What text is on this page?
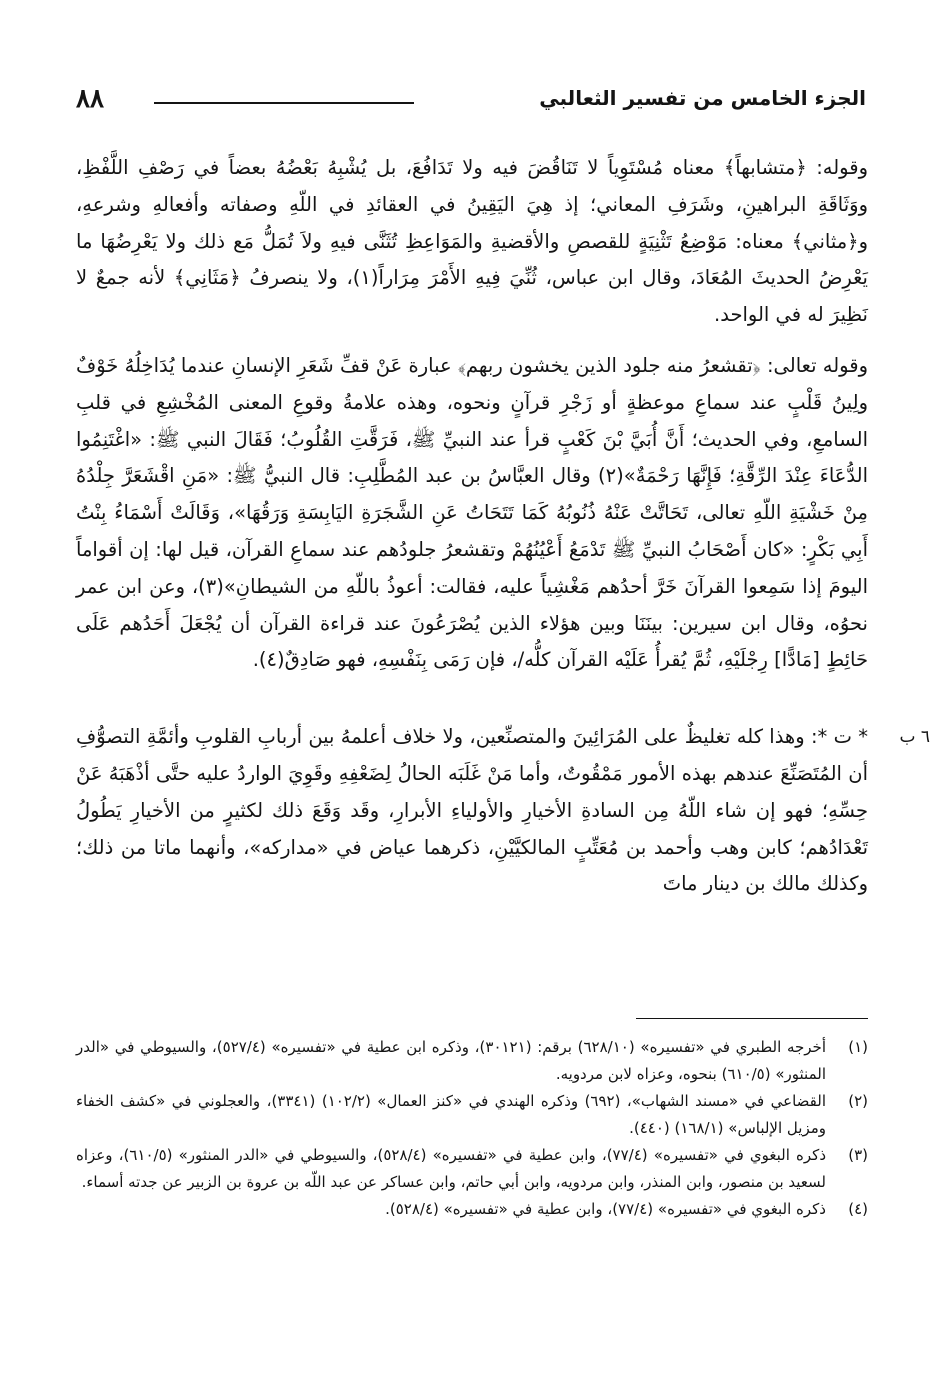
٨٨	الجزء الخامس من تفسير الثعالبي
٦ ب

وقوله: ﴿متشابهاً﴾ معناه مُسْتَوِياً لا تَنَاقُضَ فيه ولا تَدَافُعَ، بل يُشْبِهُ بَعْضُهُ بعضاً في رَصْفِ اللَّفْظِ، ووَثَاقَةِ البراهينِ، وشَرَفِ المعاني؛ إذ هِيَ اليَقِينُ في العقائدِ في اللّهِ وصفاته وأفعالهِ وشرعهِ، و﴿مثاني﴾ معناه: مَوْضِعُ تَثْنِيَةٍ للقصصِ والأقضيةِ والمَوَاعِظِ تُثَنَّى فيهِ ولاَ تُمَلُّ مَع ذلك ولا يَعْرِضُهَا ما يَعْرِضُ الحديثَ المُعَادَ، وقال ابن عباس، ثُنِّيَ فِيهِ الأَمْرَ مِرَاراً(١)، ولا ينصرفُ ﴿مَثَانِي﴾ لأنه جمعٌ لا نَظِيرَ له في الواحد.

وقوله تعالى: ﴿تقشعرُ منه جلود الذين يخشون ربهم﴾ عبارة عَنْ قفِّ شَعَرِ الإنسانِ عندما يُدَاخِلُهُ خَوْفٌ ولِينُ قَلْبٍ عند سماعِ موعظةٍ أو زَجْرِ قرآنٍ ونحوه، وهذه علامةُ وقوعِ المعنى المُخْشِعِ في قلبِ السامعِ، وفي الحديث؛ أَنَّ أُبَيَّ بْنَ كَعْبٍ قرأ عند النبيِّ ﷺ، فَرَقَّتِ القُلُوبُ؛ فَقَالَ النبي ﷺ: «اغْتَنِمُوا الدُّعَاءَ عِنْدَ الرِّقَّةِ؛ فَإِنَّهَا رَحْمَةٌ»(٢) وقال العبَّاسُ بن عبد المُطَّلِبِ: قال النبيُّ ﷺ: «مَنِ اقْشَعَرَّ جِلْدُهُ مِنْ خَشْيَةِ اللّهِ تعالى، تَحَاتَّتْ عَنْهُ ذُنُوبُهُ كَمَا تَتَحَاتُ عَنِ الشَّجَرَةِ اليَابِسَةِ وَرَقُهَا»، وَقَالَتْ أَسْمَاءُ بِنْتُ أَبِي بَكْرٍ: «كان أَصْحَابُ النبيِّ ﷺ تَدْمَعُ أَعْيُنُهُمْ وتقشعرُ جلودُهم عند سماعِ القرآن، قيل لها: إن أقواماً اليومَ إذا سَمِعوا القرآنَ خَرَّ أحدُهم مَغْشِياً عليه، فقالت: أعوذُ باللّهِ من الشيطانِ»(٣)، وعن ابن عمر نحوُه، وقال ابن سيرين: بينَنَا وبين هؤلاء الذين يُصْرَعُونَ عند قراءة القرآن أن يُجْعَلَ أَحَدُهم عَلَى حَائِطٍ [مَادًّا] رِجْلَيْهِ، ثُمَّ يُقرأُ عَلَيْه القرآن كلُّه/، فإن رَمَى بِنَفْسِهِ، فهو صَادِقٌ(٤).

* ت *: وهذا كله تغليظٌ على المُرَائِينَ والمتصنِّعين، ولا خلاف أعلمهُ بين أربابِ القلوبِ وأئمَّةِ التصوُّفِ أن المُتَصَنِّعَ عندهم بهذه الأمور مَمْقُوتٌ، وأما مَنْ غَلَبَه الحالُ لِضَعْفِهِ وقَوِيَ الواردُ عليه حتَّى أذْهَبَهُ عَنْ حِسِّهِ؛ فهو إن شاء اللّهُ مِن السادةِ الأخيارِ والأولياءِ الأبرارِ، وقَد وَقَعَ ذلك لكثيرٍ من الأخيارِ يَطُولُ تَعْدَادُهم؛ كابن وهب وأحمد بن مُعَتِّبٍ المالكيَّيْنِ، ذكرهما عياض في «مداركه»، وأنهما ماتا من ذلك؛ وكذلك مالك بن دينار ماتَ

(١)
أخرجه الطبري في «تفسيره» (٦٢٨/١٠) برقم: (٣٠١٢١)، وذكره ابن عطية في «تفسيره» (٥٢٧/٤)، والسيوطي في «الدر المنثور» (٦١٠/٥) بنحوه، وعزاه لابن مردويه.
(٢)
القضاعي في «مسند الشهاب»، (٦٩٢) وذكره الهندي في «كنز العمال» (١٠٢/٢) (٣٣٤١)، والعجلوني في «كشف الخفاء ومزيل الإلباس» (١٦٨/١) (٤٤٠).
(٣)
ذكره البغوي في «تفسيره» (٧٧/٤)، وابن عطية في «تفسيره» (٥٢٨/٤)، والسيوطي في «الدر المنثور» (٦١٠/٥)، وعزاه لسعيد بن منصور، وابن المنذر، وابن مردويه، وابن أبي حاتم، وابن عساكر عن عبد اللّه بن عروة بن الزبير عن جدته أسماء.
(٤)
ذكره البغوي في «تفسيره» (٧٧/٤)، وابن عطية في «تفسيره» (٥٢٨/٤).
